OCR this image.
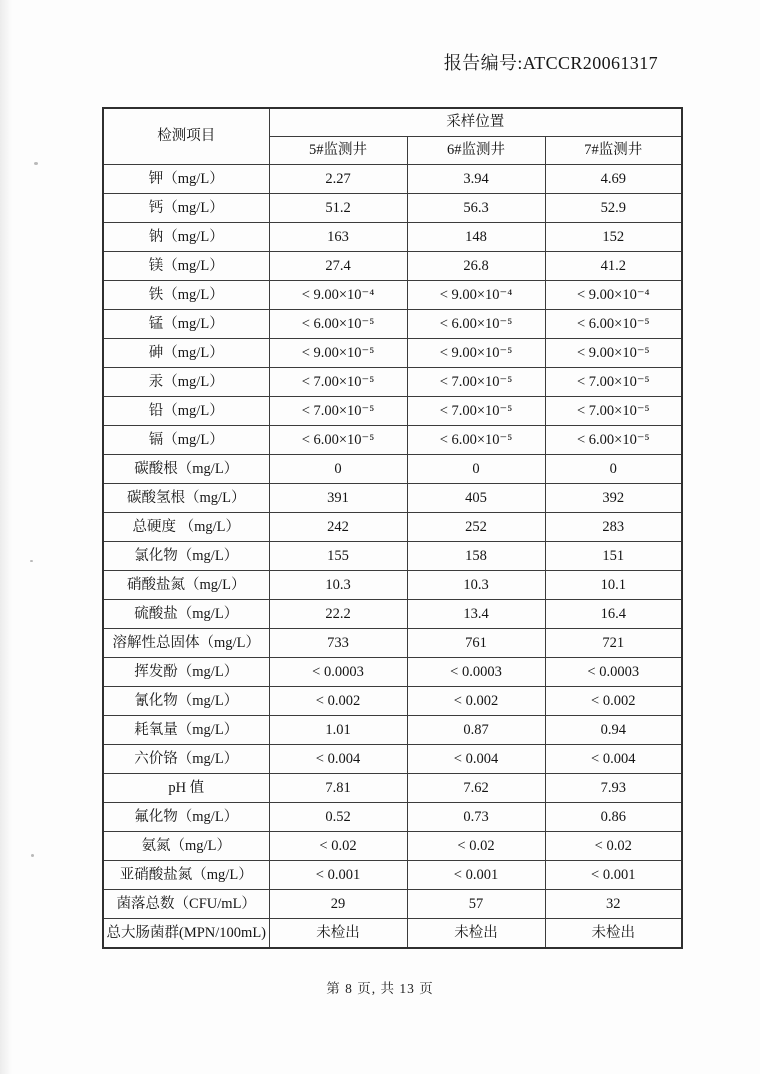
报告编号:ATCCR20061317
检测项目	采样位置		
	5#监测井	6#监测井	7#监测井
钾（mg/L）	2.27	3.94	4.69
钙（mg/L）	51.2	56.3	52.9
钠（mg/L）	163	148	152
镁（mg/L）	27.4	26.8	41.2
铁（mg/L）	< 9.00×10⁻⁴	< 9.00×10⁻⁴	< 9.00×10⁻⁴
锰（mg/L）	< 6.00×10⁻⁵	< 6.00×10⁻⁵	< 6.00×10⁻⁵
砷（mg/L）	< 9.00×10⁻⁵	< 9.00×10⁻⁵	< 9.00×10⁻⁵
汞（mg/L）	< 7.00×10⁻⁵	< 7.00×10⁻⁵	< 7.00×10⁻⁵
铅（mg/L）	< 7.00×10⁻⁵	< 7.00×10⁻⁵	< 7.00×10⁻⁵
镉（mg/L）	< 6.00×10⁻⁵	< 6.00×10⁻⁵	< 6.00×10⁻⁵
碳酸根（mg/L）	0	0	0
碳酸氢根（mg/L）	391	405	392
总硬度 （mg/L）	242	252	283
氯化物（mg/L）	155	158	151
硝酸盐氮（mg/L）	10.3	10.3	10.1
硫酸盐（mg/L）	22.2	13.4	16.4
溶解性总固体（mg/L）	733	761	721
挥发酚（mg/L）	< 0.0003	< 0.0003	< 0.0003
氰化物（mg/L）	< 0.002	< 0.002	< 0.002
耗氧量（mg/L）	1.01	0.87	0.94
六价铬（mg/L）	< 0.004	< 0.004	< 0.004
pH 值	7.81	7.62	7.93
氟化物（mg/L）	0.52	0.73	0.86
氨氮（mg/L）	< 0.02	< 0.02	< 0.02
亚硝酸盐氮（mg/L）	< 0.001	< 0.001	< 0.001
菌落总数（CFU/mL）	29	57	32
总大肠菌群(MPN/100mL)	未检出	未检出	未检出
第 8 页, 共 13 页
